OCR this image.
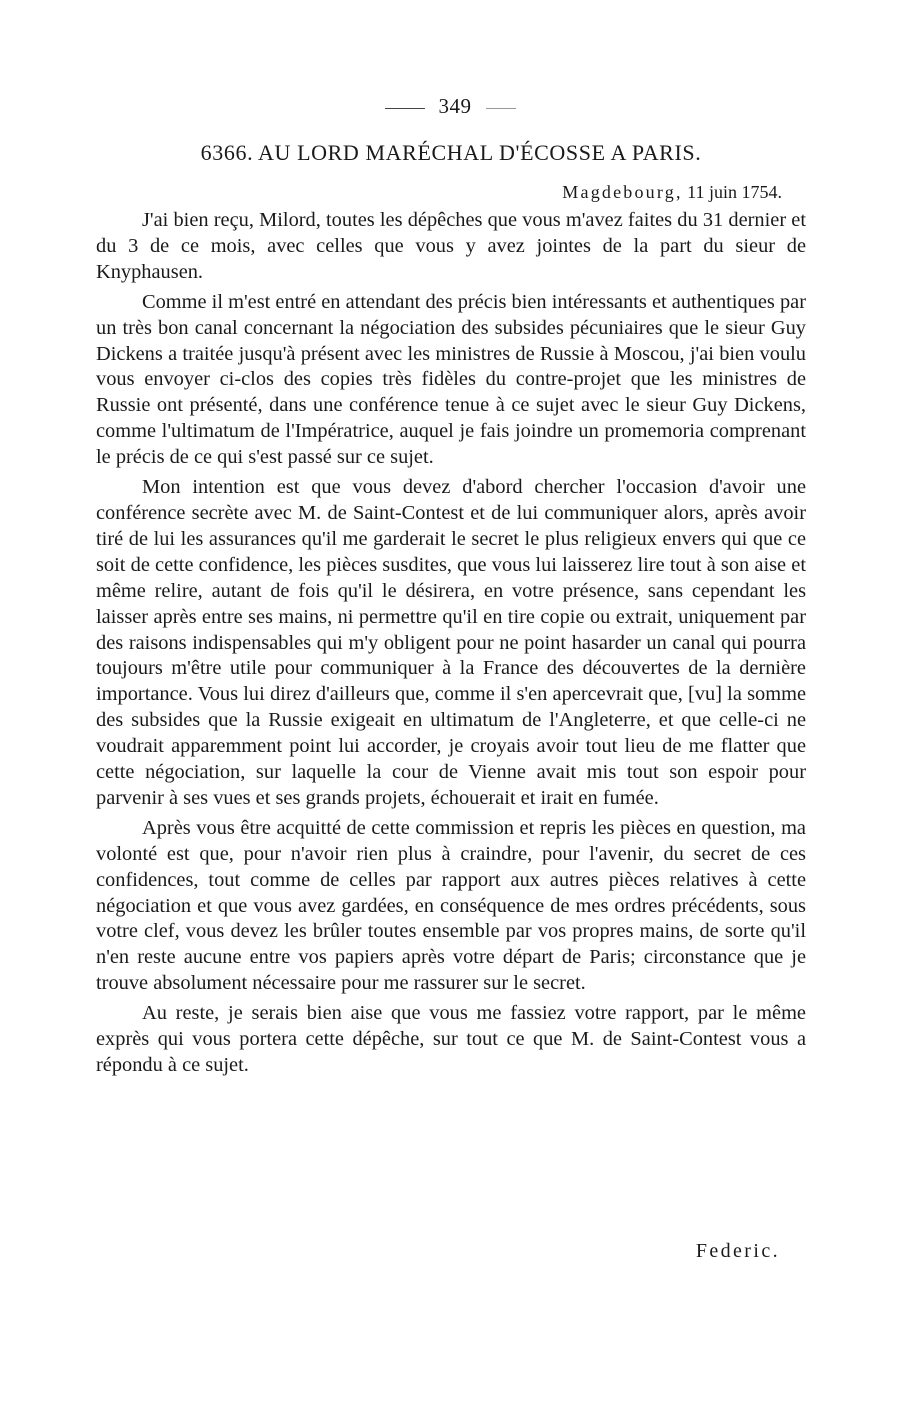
349
6366. AU LORD MARÉCHAL D'ÉCOSSE A PARIS.
Magdebourg, 11 juin 1754.

J'ai bien reçu, Milord, toutes les dépêches que vous m'avez faites du 31 dernier et du 3 de ce mois, avec celles que vous y avez jointes de la part du sieur de Knyphausen.

Comme il m'est entré en attendant des précis bien intéressants et authentiques par un très bon canal concernant la négociation des subsides pécuniaires que le sieur Guy Dickens a traitée jusqu'à présent avec les ministres de Russie à Moscou, j'ai bien voulu vous envoyer ci-clos des copies très fidèles du contre-projet que les ministres de Russie ont présenté, dans une conférence tenue à ce sujet avec le sieur Guy Dickens, comme l'ultimatum de l'Impératrice, auquel je fais joindre un promemoria comprenant le précis de ce qui s'est passé sur ce sujet.

Mon intention est que vous devez d'abord chercher l'occasion d'avoir une conférence secrète avec M. de Saint-Contest et de lui communiquer alors, après avoir tiré de lui les assurances qu'il me garderait le secret le plus religieux envers qui que ce soit de cette confidence, les pièces susdites, que vous lui laisserez lire tout à son aise et même relire, autant de fois qu'il le désirera, en votre présence, sans cependant les laisser après entre ses mains, ni permettre qu'il en tire copie ou extrait, uniquement par des raisons indispensables qui m'y obligent pour ne point hasarder un canal qui pourra toujours m'être utile pour communiquer à la France des découvertes de la dernière importance. Vous lui direz d'ailleurs que, comme il s'en apercevrait que, [vu] la somme des subsides que la Russie exigeait en ultimatum de l'Angleterre, et que celle-ci ne voudrait apparemment point lui accorder, je croyais avoir tout lieu de me flatter que cette négociation, sur laquelle la cour de Vienne avait mis tout son espoir pour parvenir à ses vues et ses grands projets, échouerait et irait en fumée.

Après vous être acquitté de cette commission et repris les pièces en question, ma volonté est que, pour n'avoir rien plus à craindre, pour l'avenir, du secret de ces confidences, tout comme de celles par rapport aux autres pièces relatives à cette négociation et que vous avez gardées, en conséquence de mes ordres précédents, sous votre clef, vous devez les brûler toutes ensemble par vos propres mains, de sorte qu'il n'en reste aucune entre vos papiers après votre départ de Paris; circonstance que je trouve absolument nécessaire pour me rassurer sur le secret.

Au reste, je serais bien aise que vous me fassiez votre rapport, par le même exprès qui vous portera cette dépêche, sur tout ce que M. de Saint-Contest vous a répondu à ce sujet.

Federic.
